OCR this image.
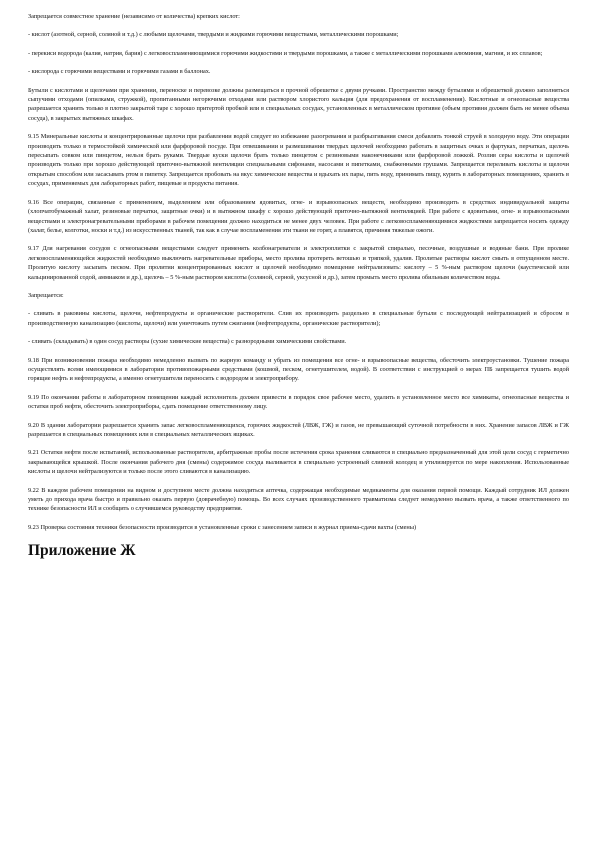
Запрещается совместное хранение (независимо от количества) крепких кислот:

- кислот (азотной, серной, соляной и т.д.) с любыми щелочами, твердыми и жидкими горючими веществами, металлическими порошками;

- перекиси водорода (калия, натрия, бария) с легковоспламеняющимися горючими жидкостями и твердыми порошками, а также с металлическими порошками алюминия, магния, и их сплавов;

- кислорода с горючими веществами и горючими газами в баллонах.

Бутыли с кислотами и щелочами при хранении, переноске и перевозке должны размещаться в прочной обрешетке с двумя ручками. Пространство между бутылями и обрешеткой должно заполняться сыпучими отходами (опилками, стружкой), пропитанными негорючими отходами или раствором хлористого кальция (для предохранения от воспламенения). Кислотные и огнеопасные вещества разрешается хранить только в плотно закрытой таре с хорошо притертой пробкой или в специальных сосудах, установленных в металлическом противне (объем противня должен быть не менее объема сосуда), в закрытых вытяжных шкафах.

9.15 Минеральные кислоты и концентрированные щелочи при разбавлении водой следует во избежание разогревания и разбрызгивания смеси добавлять тонкой струей в холодную воду. Эти операции производить только в термостойкой химической или фарфоровой посуде. При отвешивании и размешивании твердых щелочей необходимо работать в защитных очках и фартуках, перчатках, щелочь пересыпать совком или пинцетом, нельзя брать руками. Твердые куски щелочи брать только пинцетом с резиновыми наконечниками или фарфоровой ложкой. Розлив серы кислоты и щелочей производить только при хорошо действующей приточно-вытяжной вентиляции специальными сифонами, насосами и пипетками, снабженными грушами. Запрещается переливать кислоты и щелочи открытым способом или засасывать ртом в пипетку. Запрещается пробовать на вкус химические вещества и вдыхать их пары, пить воду, принимать пищу, курить в лабораторных помещениях, хранить в сосудах, применяемых для лабораторных работ, пищевые и продукты питания.

9.16 Все операции, связанные с применением, выделением или образованием ядовитых, огне- и взрывоопасных веществ, необходимо производить в средствах индивидуальной защиты (хлопчатобумажный халат, резиновые перчатки, защитные очки) и в вытяжном шкафу с хорошо действующей приточно-вытяжной вентиляцией. При работе с ядовитыми, огне- и взрывоопасными веществами и электронагревательными приборами в рабочем помещении должно находиться не менее двух человек. При работе с легковоспламеняющимися жидкостями запрещается носить одежду (халат, белье, колготки, носки и т.д.) из искусственных тканей, так как в случае воспламенения эти ткани не горят, а плавятся, причиняя тяжелые ожоги.

9.17 Для нагревания сосудов с огнеопасными веществами следует применять колбонагреватели и электроплитки с закрытой спиралью, песочные, воздушные и водяные бани. При пролике легковоспламеняющейся жидкостей необходимо выключить нагревательные приборы, место пролива протереть ветошью и тряпкой, удалив. Пролитые растворы кислот смыть в отпущенном месте. Пролитую кислоту засыпать песком. При пролитии концентрированных кислот и щелочей необходимо помещение нейтрализовать: кислоту – 5 %-ным раствором щелочи (каустической или кальцинированной содой, аммиаком и др.), щелочь – 5 %-ным раствором кислоты (соляной, серной, уксусной и др.), затем промыть место пролива обильным количеством воды.

Запрещается:

- сливать в раковины кислоты, щелочи, нефтепродукты и органические растворители. Слив их производить раздельно в специальные бутыли с последующей нейтрализацией и сбросом в производственную канализацию (кислоты, щелочи) или уничтожать путем сжигания (нефтепродукты, органические растворители);

- сливать (складывать) в один сосуд растворы (сухие химические вещества) с разнородными химическими свойствами.

9.18 При возникновении пожара необходимо немедленно вызвать по жарную команду и убрать из помещения все огне- и взрывоопасные вещества, обесточить электроустановки. Тушение пожара осуществлять всеми имеющимися в лаборатории противопожарными средствами (кошмой, песком, огнетушителем, водой). В соответствии с инструкцией о мерах ПБ запрещается тушить водой горящие нефть и нефтепродукты, а именно огнетушители переносить с водородом и электроприбору.

9.19 По окончании работы в лабораторном помещении каждый исполнитель должен привести в порядок свое рабочее место, удалить в установленное место все химикаты, огнеопасные вещества и остатки проб нефти, обесточить электроприборы, сдать помещение ответственному лицу.

9.20 В здании лаборатории разрешается хранить запас легковоспламеняющихся, горючих жидкостей (ЛВЖ, ГЖ) и газов, не превышающий суточной потребности в них. Хранение запасов ЛВЖ и ГЖ разрешается в специальных помещениях или в специальных металлических ящиках.

9.21 Остатки нефти после испытаний, использованные растворители, арбитражные пробы после истечения срока хранения сливаются в специально предназначенный для этой цели сосуд с герметично закрывающейся крышкой. После окончания рабочего дня (смены) содержимое сосуда выливается в специально устроенный сливной колодец и утилизируется по мере накопления. Использованные кислоты и щелочи нейтрализуются и только после этого сливаются в канализацию.

9.22 В каждом рабочем помещении на видном и доступном месте должна находиться аптечка, содержащая необходимые медикаменты для оказания первой помощи. Каждый сотрудник ИЛ должен уметь до прихода врача быстро и правильно оказать первую (доврачебную) помощь. Во всех случаях производственного травматизма следует немедленно вызвать врача, а также ответственного по технике безопасности ИЛ и сообщить о случившемся руководству предприятия.

9.23 Проверка состояния техники безопасности производится в установленные сроки с занесением записи в журнал приема-сдачи вахты (смены)

Приложение Ж
